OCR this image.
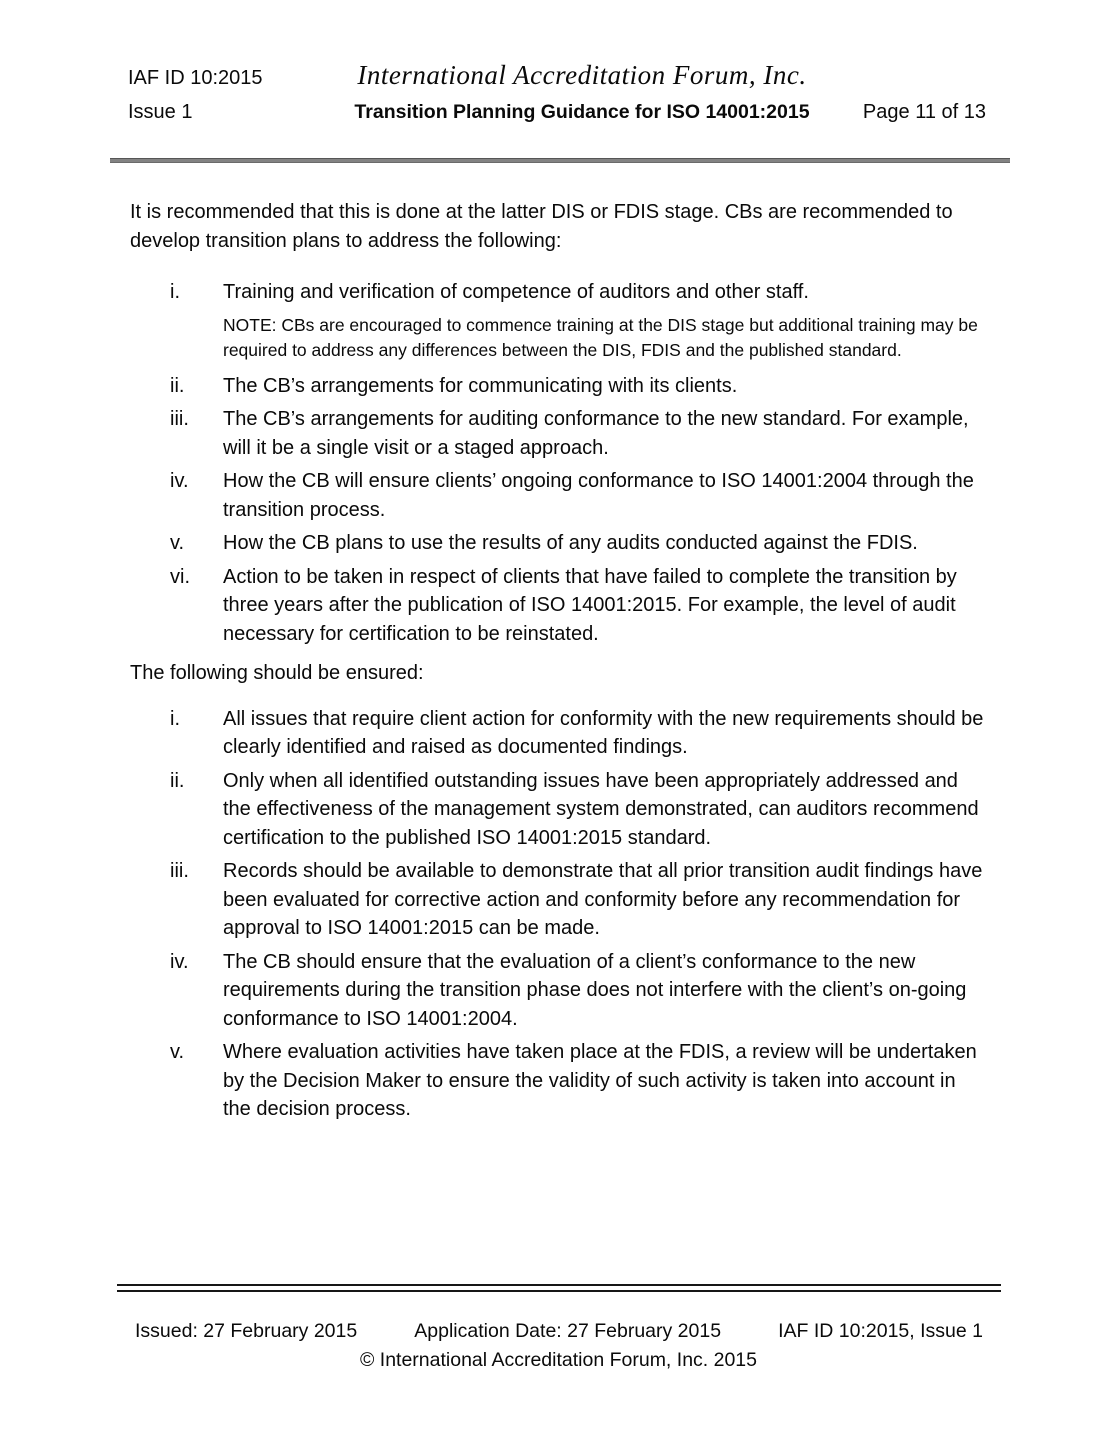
IAF ID 10:2015	International Accreditation Forum, Inc.
Issue 1	Transition Planning Guidance for ISO 14001:2015	Page 11 of 13

It is recommended that this is done at the latter DIS or FDIS stage. CBs are recommended to develop transition plans to address the following:

i.	Training and verification of competence of auditors and other staff.
NOTE: CBs are encouraged to commence training at the DIS stage but additional training may be required to address any differences between the DIS, FDIS and the published standard.
ii.	The CB’s arrangements for communicating with its clients.
iii.	The CB’s arrangements for auditing conformance to the new standard. For example, will it be a single visit or a staged approach.
iv.	How the CB will ensure clients’ ongoing conformance to ISO 14001:2004 through the transition process.
v.	How the CB plans to use the results of any audits conducted against the FDIS.
vi.	Action to be taken in respect of clients that have failed to complete the transition by three years after the publication of ISO 14001:2015. For example, the level of audit necessary for certification to be reinstated.

The following should be ensured:

i.	All issues that require client action for conformity with the new requirements should be clearly identified and raised as documented findings.
ii.	Only when all identified outstanding issues have been appropriately addressed and the effectiveness of the management system demonstrated, can auditors recommend certification to the published ISO 14001:2015 standard.
iii.	Records should be available to demonstrate that all prior transition audit findings have been evaluated for corrective action and conformity before any recommendation for approval to ISO 14001:2015 can be made.
iv.	The CB should ensure that the evaluation of a client’s conformance to the new requirements during the transition phase does not interfere with the client’s on-going conformance to ISO 14001:2004.
v.	Where evaluation activities have taken place at the FDIS, a review will be undertaken by the Decision Maker to ensure the validity of such activity is taken into account in the decision process.
Issued: 27 February 2015	Application Date: 27 February 2015	IAF ID 10:2015, Issue 1
© International Accreditation Forum, Inc. 2015
